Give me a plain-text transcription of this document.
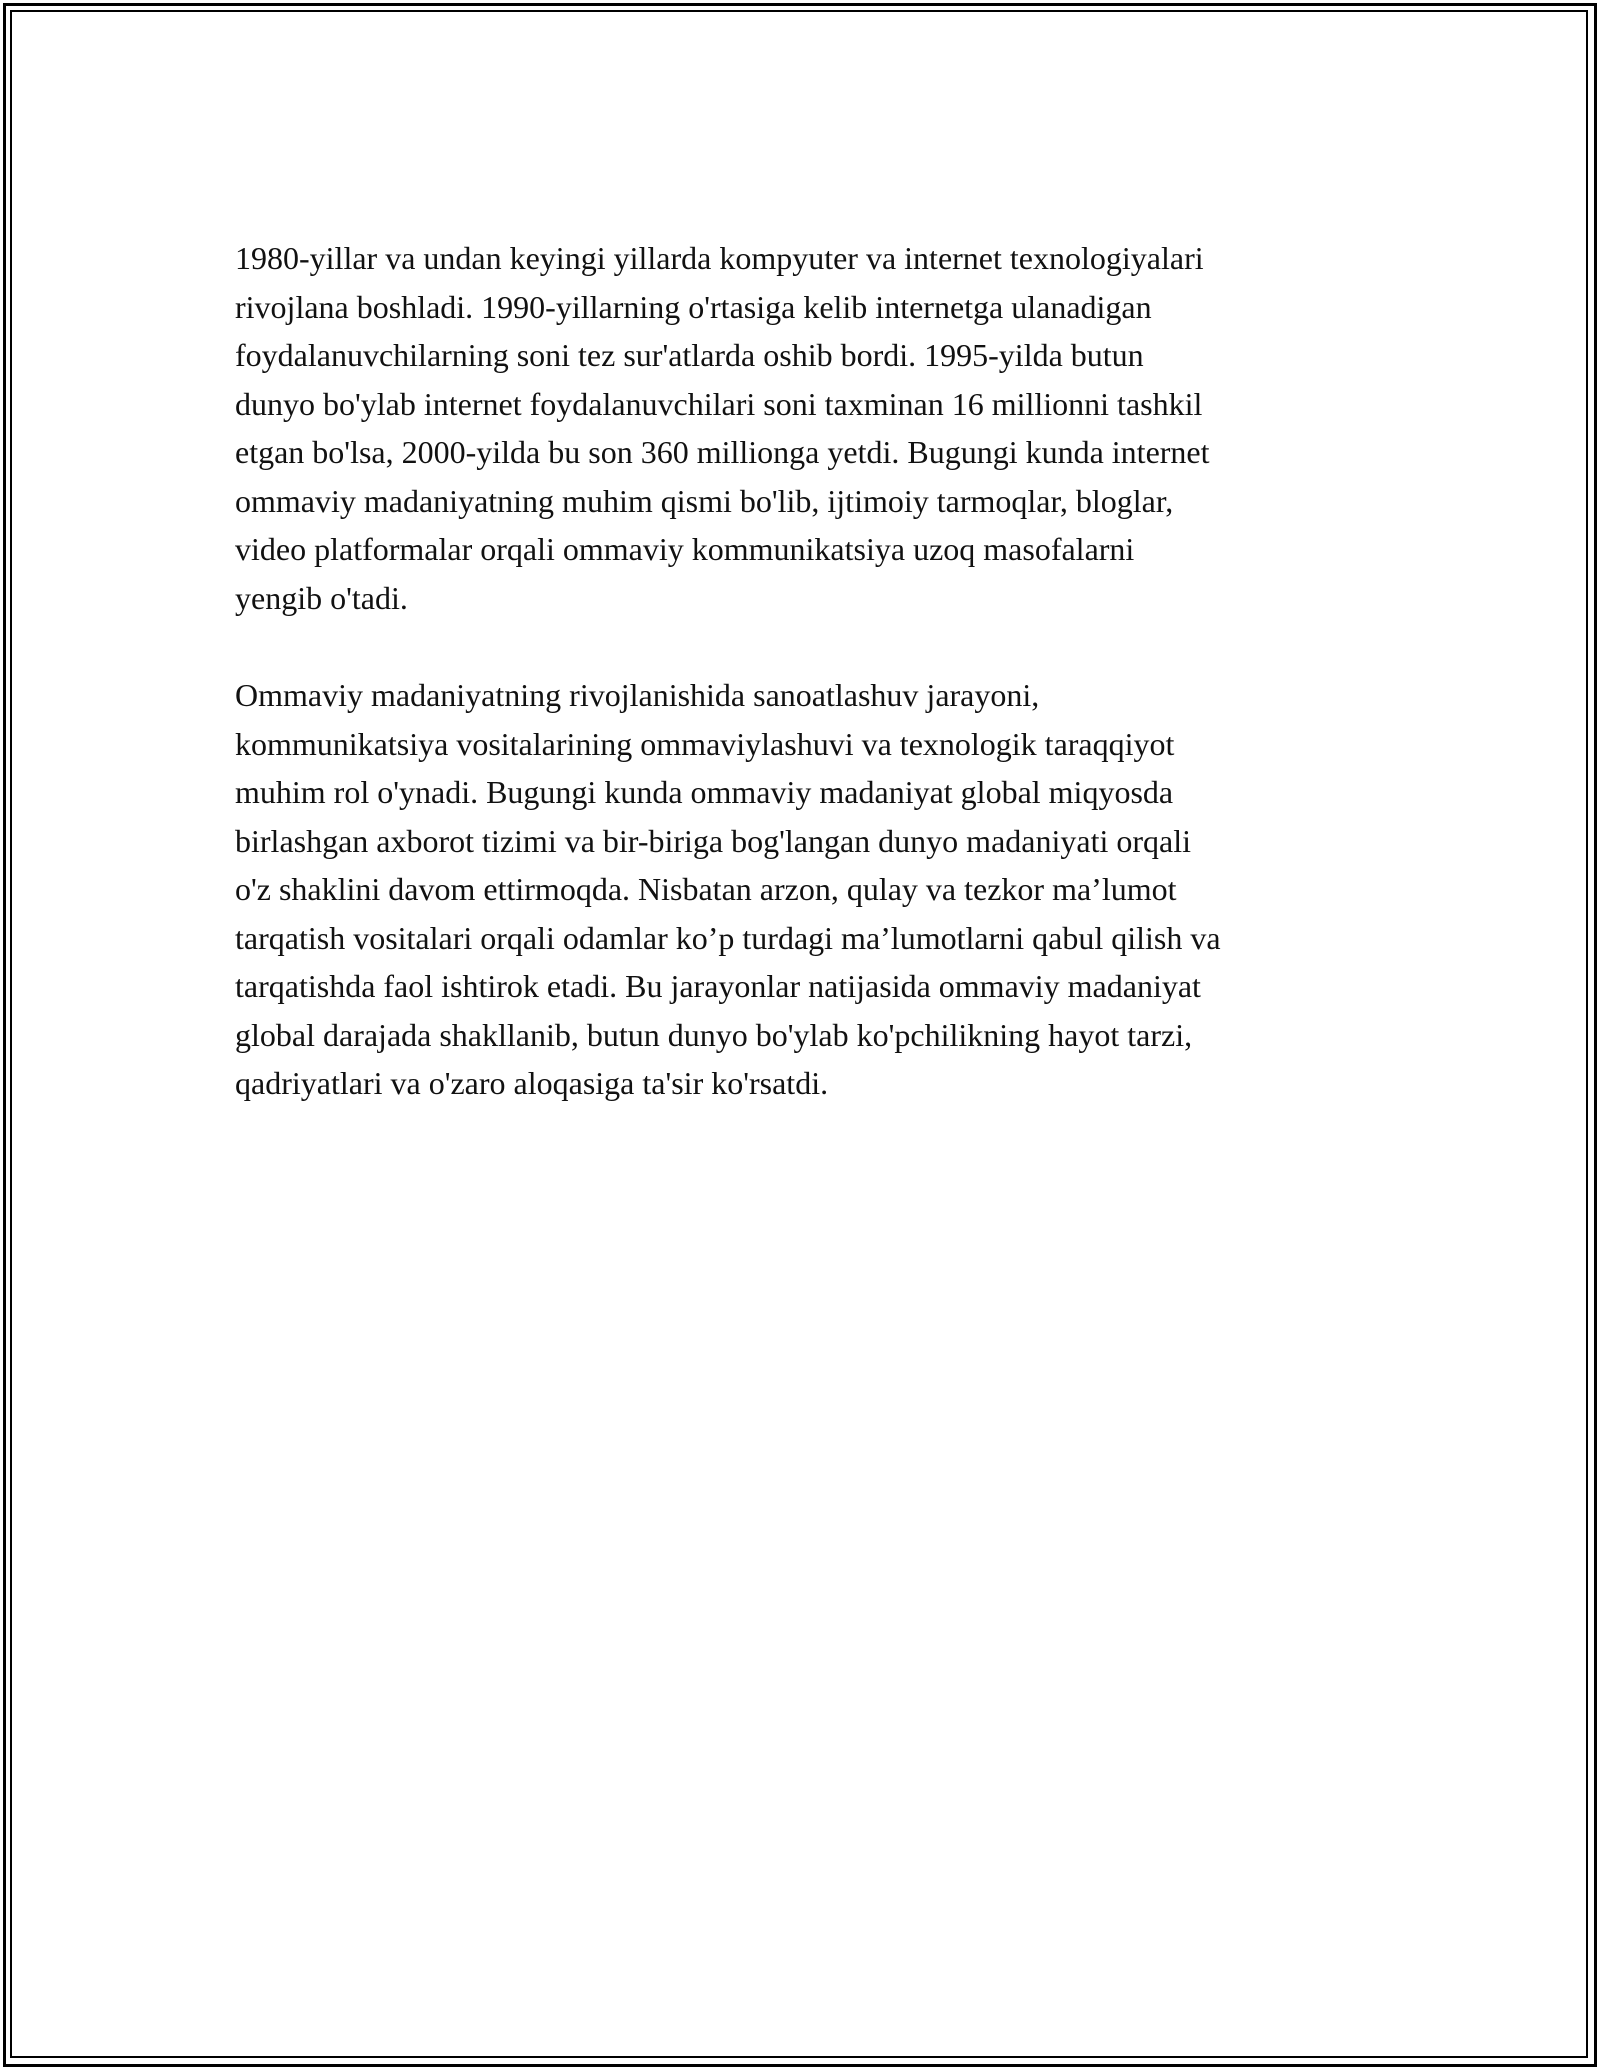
1980-yillar va undan keyingi yillarda kompyuter va internet texnologiyalari
rivojlana boshladi. 1990-yillarning o'rtasiga kelib internetga ulanadigan
foydalanuvchilarning soni tez sur'atlarda oshib bordi. 1995-yilda butun
dunyo bo'ylab internet foydalanuvchilari soni taxminan 16 millionni tashkil
etgan bo'lsa, 2000-yilda bu son 360 millionga yetdi. Bugungi kunda internet
ommaviy madaniyatning muhim qismi bo'lib, ijtimoiy tarmoqlar, bloglar,
video platformalar orqali ommaviy kommunikatsiya uzoq masofalarni
yengib o'tadi.

Ommaviy madaniyatning rivojlanishida sanoatlashuv jarayoni,
kommunikatsiya vositalarining ommaviylashuvi va texnologik taraqqiyot
muhim rol o'ynadi. Bugungi kunda ommaviy madaniyat global miqyosda
birlashgan axborot tizimi va bir-biriga bog'langan dunyo madaniyati orqali
o'z shaklini davom ettirmoqda. Nisbatan arzon, qulay va tezkor ma’lumot
tarqatish vositalari orqali odamlar ko’p turdagi ma’lumotlarni qabul qilish va
tarqatishda faol ishtirok etadi. Bu jarayonlar natijasida ommaviy madaniyat
global darajada shakllanib, butun dunyo bo'ylab ko'pchilikning hayot tarzi,
qadriyatlari va o'zaro aloqasiga ta'sir ko'rsatdi.
